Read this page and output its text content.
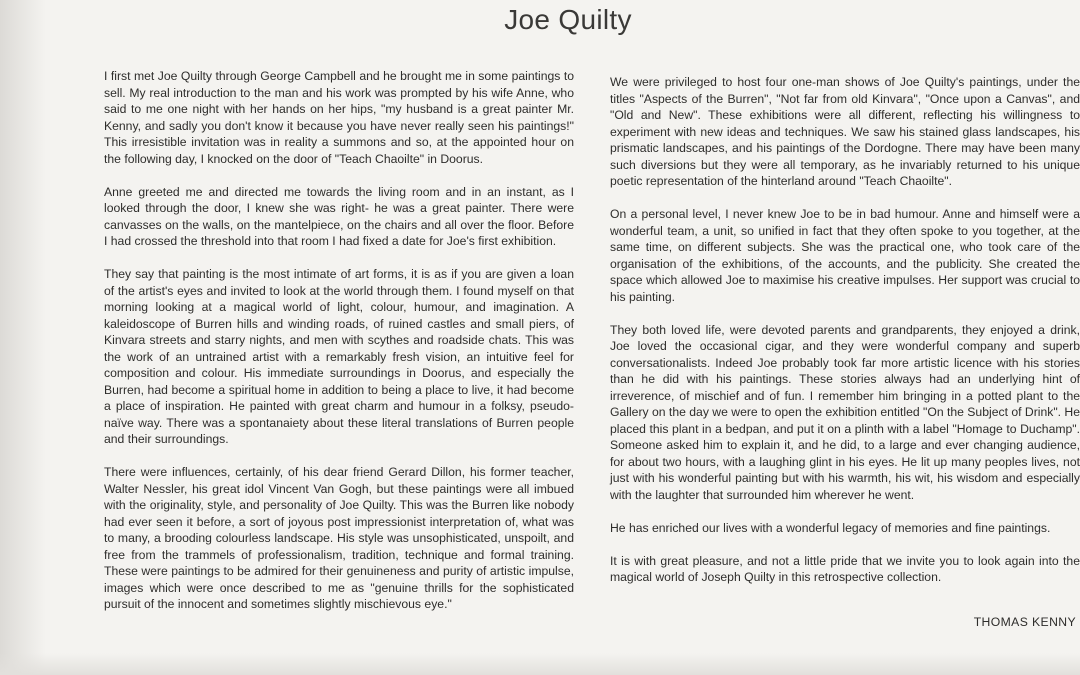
Joe Quilty

I first met Joe Quilty through George Campbell and he brought me in some paintings to sell. My real introduction to the man and his work was prompted by his wife Anne, who said to me one night with her hands on her hips, "my husband is a great painter Mr. Kenny, and sadly you don't know it because you have never really seen his paintings!" This irresistible invitation was in reality a summons and so, at the appointed hour on the following day, I knocked on the door of "Teach Chaoilte" in Doorus.

Anne greeted me and directed me towards the living room and in an instant, as I looked through the door, I knew she was right- he was a great painter. There were canvasses on the walls, on the mantelpiece, on the chairs and all over the floor. Before I had crossed the threshold into that room I had fixed a date for Joe's first exhibition.

They say that painting is the most intimate of art forms, it is as if you are given a loan of the artist's eyes and invited to look at the world through them. I found myself on that morning looking at a magical world of light, colour, humour, and imagination. A kaleidoscope of Burren hills and winding roads, of ruined castles and small piers, of Kinvara streets and starry nights, and men with scythes and roadside chats. This was the work of an untrained artist with a remarkably fresh vision, an intuitive feel for composition and colour. His immediate surroundings in Doorus, and especially the Burren, had become a spiritual home in addition to being a place to live, it had become a place of inspiration. He painted with great charm and humour in a folksy, pseudo-naïve way. There was a spontanaiety about these literal translations of Burren people and their surroundings.

There were influences, certainly, of his dear friend Gerard Dillon, his former teacher, Walter Nessler, his great idol Vincent Van Gogh, but these paintings were all imbued with the originality, style, and personality of Joe Quilty. This was the Burren like nobody had ever seen it before, a sort of joyous post impressionist interpretation of, what was to many, a brooding colourless landscape. His style was unsophisticated, unspoilt, and free from the trammels of professionalism, tradition, technique and formal training. These were paintings to be admired for their genuineness and purity of artistic impulse, images which were once described to me as "genuine thrills for the sophisticated pursuit of the innocent and sometimes slightly mischievous eye."

We were privileged to host four one-man shows of Joe Quilty's paintings, under the titles "Aspects of the Burren", "Not far from old Kinvara", "Once upon a Canvas", and "Old and New". These exhibitions were all different, reflecting his willingness to experiment with new ideas and techniques. We saw his stained glass landscapes, his prismatic landscapes, and his paintings of the Dordogne. There may have been many such diversions but they were all temporary, as he invariably returned to his unique poetic representation of the hinterland around "Teach Chaoilte".

On a personal level, I never knew Joe to be in bad humour. Anne and himself were a wonderful team, a unit, so unified in fact that they often spoke to you together, at the same time, on different subjects. She was the practical one, who took care of the organisation of the exhibitions, of the accounts, and the publicity. She created the space which allowed Joe to maximise his creative impulses. Her support was crucial to his painting.

They both loved life, were devoted parents and grandparents, they enjoyed a drink, Joe loved the occasional cigar, and they were wonderful company and superb conversationalists. Indeed Joe probably took far more artistic licence with his stories than he did with his paintings. These stories always had an underlying hint of irreverence, of mischief and of fun. I remember him bringing in a potted plant to the Gallery on the day we were to open the exhibition entitled "On the Subject of Drink". He placed this plant in a bedpan, and put it on a plinth with a label "Homage to Duchamp". Someone asked him to explain it, and he did, to a large and ever changing audience, for about two hours, with a laughing glint in his eyes. He lit up many peoples lives, not just with his wonderful painting but with his warmth, his wit, his wisdom and especially with the laughter that surrounded him wherever he went.

He has enriched our lives with a wonderful legacy of memories and fine paintings.

It is with great pleasure, and not a little pride that we invite you to look again into the magical world of Joseph Quilty in this retrospective collection.

THOMAS KENNY
